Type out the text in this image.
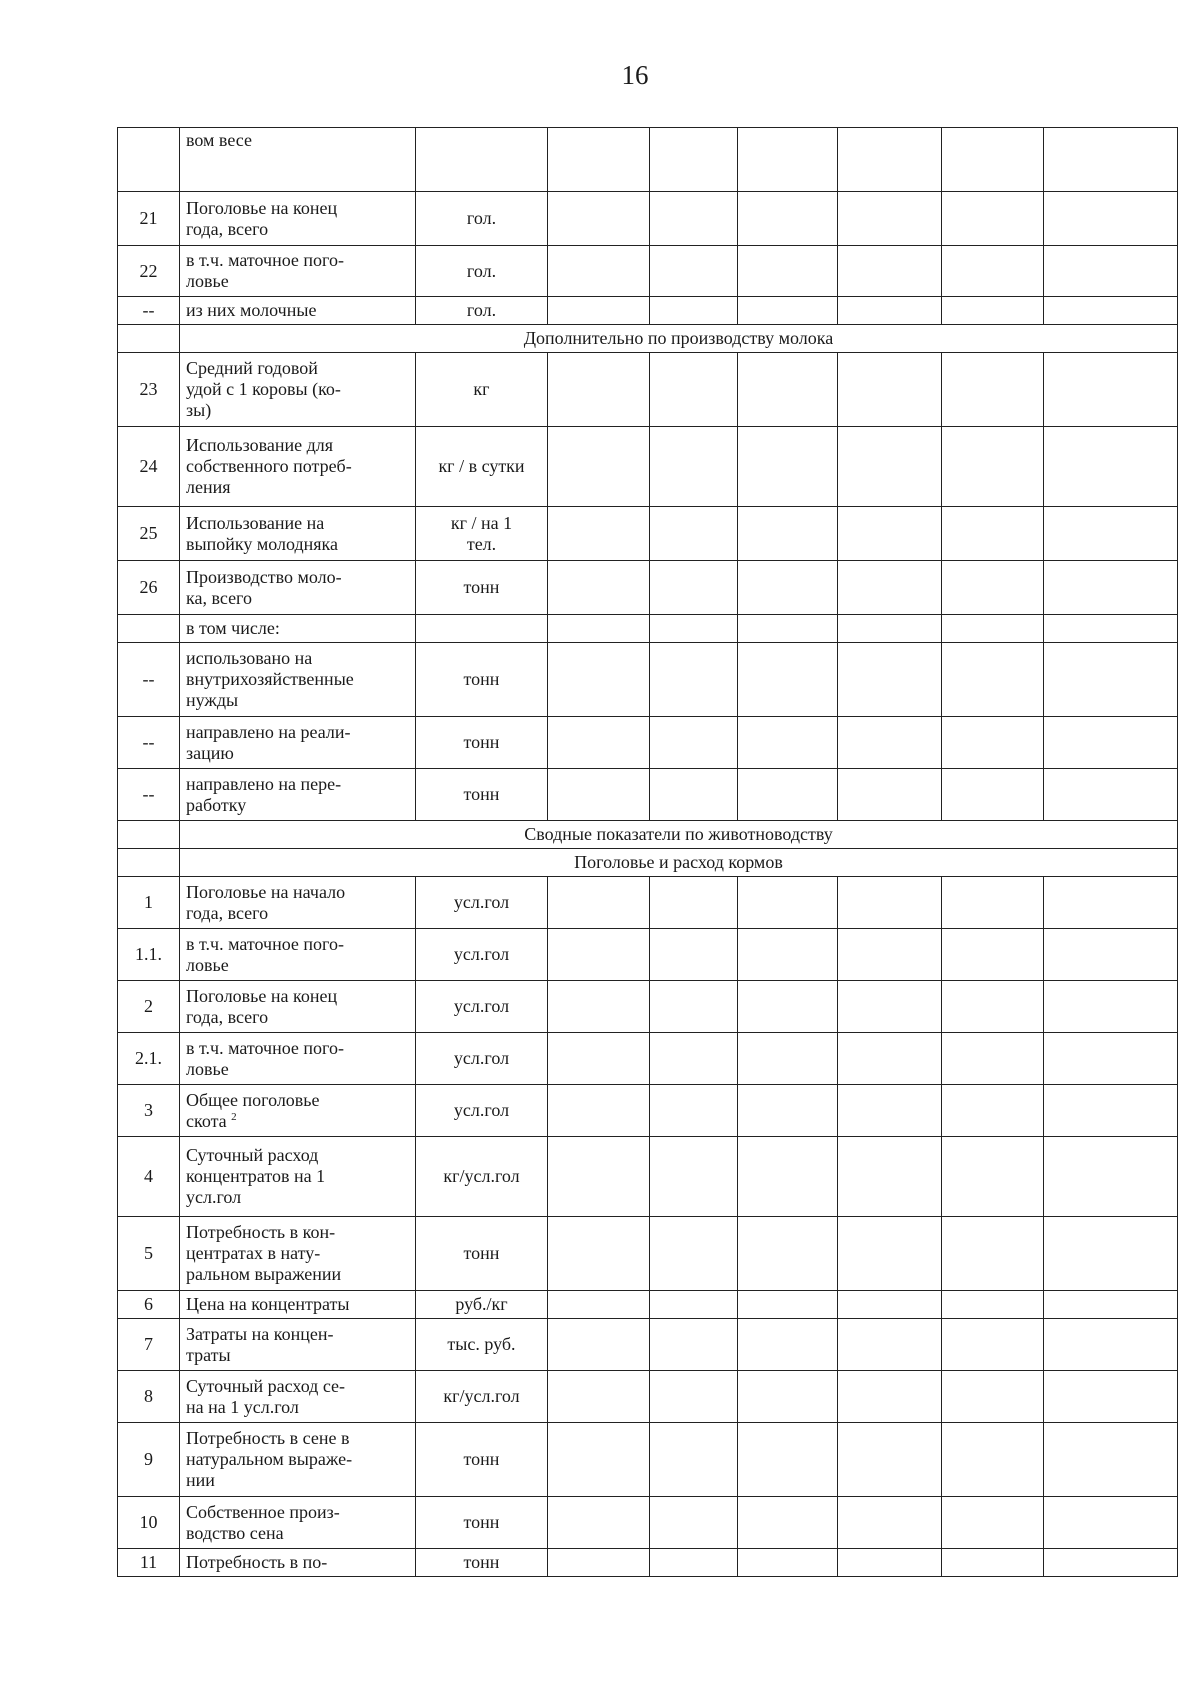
16
	вом весе							
21	Поголовье на конец
года, всего	гол.						
22	в т.ч. маточное пого-
ловье	гол.						
--	из них молочные	гол.						
	Дополнительно по производству молока							
23	Средний годовой
удой с 1 коровы (ко-
зы)	кг						
24	Использование для
собственного потреб-
ления	кг / в сутки						
25	Использование на
выпойку молодняка	кг / на 1
тел.						
26	Производство моло-
ка, всего	тонн						
	в том числе:							
--	использовано на
внутрихозяйственные
нужды	тонн						
--	направлено на реали-
зацию	тонн						
--	направлено на пере-
работку	тонн						
	Сводные показатели по животноводству							
	Поголовье и расход кормов							
1	Поголовье на начало
года, всего	усл.гол						
1.1.	в т.ч. маточное пого-
ловье	усл.гол						
2	Поголовье на конец
года, всего	усл.гол						
2.1.	в т.ч. маточное пого-
ловье	усл.гол						
3	Общее поголовье
скота $^2$	усл.гол						
4	Суточный расход
концентратов на 1
усл.гол	кг/усл.гол						
5	Потребность в кон-
центратах в нату-
ральном выражении	тонн						
6	Цена на концентраты	руб./кг						
7	Затраты на концен-
траты	тыс. руб.						
8	Суточный расход се-
на на 1 усл.гол	кг/усл.гол						
9	Потребность в сене в
натуральном выраже-
нии	тонн						
10	Собственное произ-
водство сена	тонн						
11	Потребность в по-	тонн						
